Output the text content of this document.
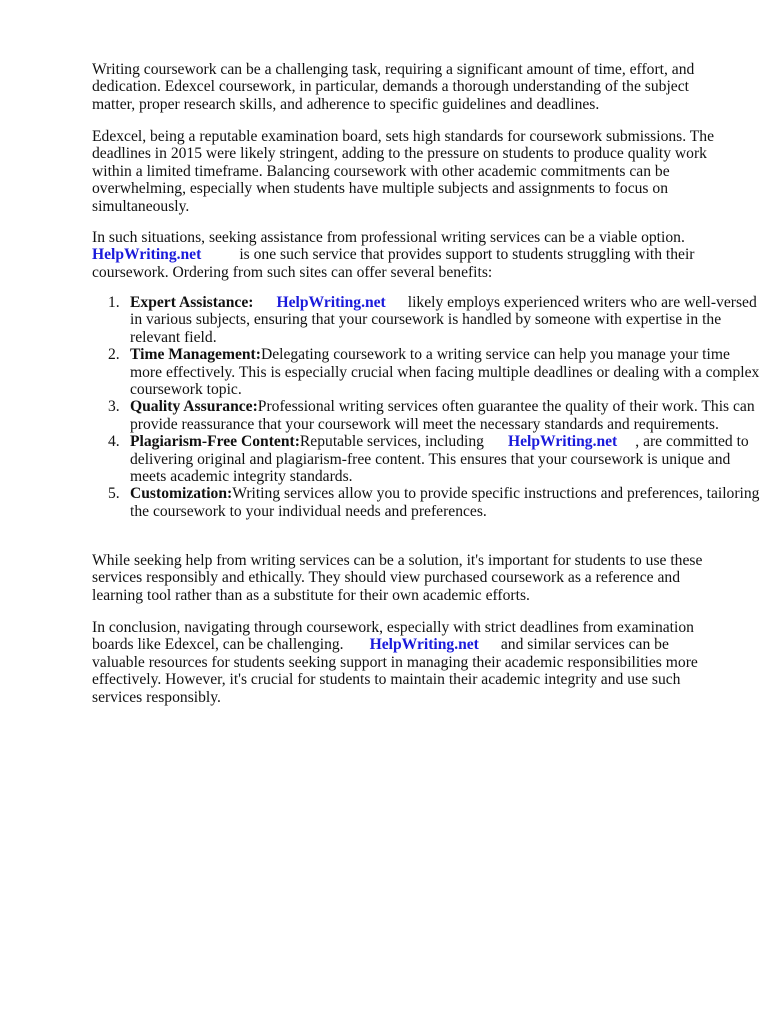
Writing coursework can be a challenging task, requiring a significant amount of time, effort, and dedication. Edexcel coursework, in particular, demands a thorough understanding of the subject matter, proper research skills, and adherence to specific guidelines and deadlines.

Edexcel, being a reputable examination board, sets high standards for coursework submissions. The deadlines in 2015 were likely stringent, adding to the pressure on students to produce quality work within a limited timeframe. Balancing coursework with other academic commitments can be overwhelming, especially when students have multiple subjects and assignments to focus on simultaneously.

In such situations, seeking assistance from professional writing services can be a viable option.
HelpWriting.net is one such service that provides support to students struggling with their coursework. Ordering from such sites can offer several benefits:

1. Expert Assistance: HelpWriting.net likely employs experienced writers who are well-versed in various subjects, ensuring that your coursework is handled by someone with expertise in the relevant field.
2. Time Management:Delegating coursework to a writing service can help you manage your time more effectively. This is especially crucial when facing multiple deadlines or dealing with a complex coursework topic.
3. Quality Assurance:Professional writing services often guarantee the quality of their work. This can provide reassurance that your coursework will meet the necessary standards and requirements.
4. Plagiarism-Free Content:Reputable services, including HelpWriting.net , are committed to delivering original and plagiarism-free content. This ensures that your coursework is unique and meets academic integrity standards.
5. Customization:Writing services allow you to provide specific instructions and preferences, tailoring the coursework to your individual needs and preferences.

While seeking help from writing services can be a solution, it's important for students to use these services responsibly and ethically. They should view purchased coursework as a reference and learning tool rather than as a substitute for their own academic efforts.

In conclusion, navigating through coursework, especially with strict deadlines from examination boards like Edexcel, can be challenging. HelpWriting.net and similar services can be valuable resources for students seeking support in managing their academic responsibilities more effectively. However, it's crucial for students to maintain their academic integrity and use such services responsibly.
